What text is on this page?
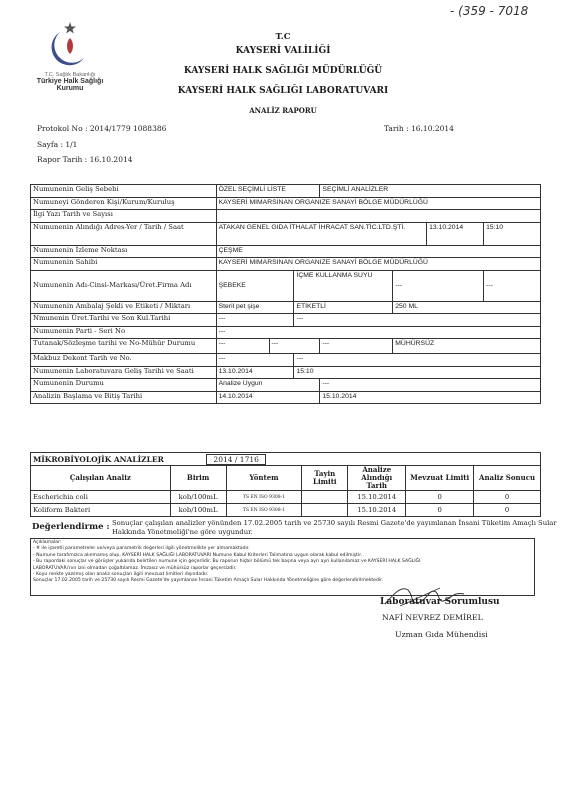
- (359 - 7018
T.C. Sağlık Bakanlığı
Türkiye Halk Sağlığı
Kurumu
T.C
KAYSERİ VALİLİĞİ
KAYSERİ HALK SAĞLIĞI MÜDÜRLÜĞÜ
KAYSERİ HALK SAĞLIĞI LABORATUVARI
ANALİZ RAPORU
Protokol No : 2014/1779 1088386	Tarih : 16.10.2014
Sayfa : 1/1
Rapor Tarih : 16.10.2014
Numunenin Geliş Sebebi	ÖZEL SEÇİMLİ LİSTE			SEÇİMLİ ANALİZLER			
Numuneyi Gönderen Kişi/Kurum/Kuruluş	KAYSERİ MIMARSINAN ORGANIZE SANAYİ BÖLGE MÜDÜRLÜĞÜ						
İlgi Yazı Tarih ve Sayısı							
Numunenin Alındığı Adres-Yer / Tarih / Saat	ATAKAN GENEL GIDA İTHALAT İHRACAT SAN.TİC.LTD.ŞTİ.					13.10.2014	15:10
Numunenin İzleme Noktası	ÇEŞME						
Numunenin Sahibi	KAYSERİ MIMARSINAN ORGANIZE SANAYİ BÖLGE MÜDÜRLÜĞÜ						
Numunenin Adı-Cinsi-Markası/Üret.Firma Adı	ŞEBEKE		İÇME KULLANMA SUYU		---		---
Numunenin Ambalaj Şekli ve Etiketi / Miktarı	Steril pet şişe		ETİKETLİ		250 ML		
Nmunenin Üret.Tarihi ve Son Kul.Tarihi	---		---				
Numunenin Parti - Seri No	---						
Tutanak/Sözleşme tarihi ve No-Mühür Durumu	---	---		---	MÜHÜRSÜZ		
Makbuz Dekont Tarih ve No.	---		---				
Numunenin Laboratuvara Geliş Tarihi ve Saati	13.10.2014		15:10				
Numunenin Durumu	Analize Uygun			---			
Analizin Başlama ve Bitiş Tarihi	14.10.2014			15.10.2014			
MİKROBİYOLOJİK ANALİZLER 2014 / 1716						
Çalışılan Analiz	Birim	Yöntem	Tayin Limiti	Analize Alındığı Tarih	Mevzuat Limiti	Analiz Sonucu
Escherichia coli	kob/100mL	TS EN ISO 9308-1		15.10.2014	0	0
Koliform Bakteri	kob/100mL	TS EN ISO 9308-1		15.10.2014	0	0
Değerlendirme : Sonuçlar çalışılan analizler yönünden 17.02.2005 tarih ve 25730 sayılı Resmi Gazete'de yayımlanan İnsani Tüketim Amaçlı Sular
Hakkında Yönetmeliği'ne göre uygundur.
Açıklamalar:
- # ile işaretli parametreler ve/veya parametrik değerleri ilgili yönetmelikte yer almamaktadır.
- Numune tarafımızca alınmamış olup, KAYSERİ HALK SAĞLIĞI LABORATUVARI Numune Kabul Kriterleri Talimatına uygun olarak kabul edilmiştir.
- Bu rapordaki sonuçlar ve görüşler yukarıda belirtilen numune için geçerlidir. Bu raporun hiçbir bölümü tek başına veya ayrı ayrı kullanılamaz ve KAYSERİ HALK SAĞLIĞI
LABORATUVARı'nın izni olmadan çoğaltılamaz. İmzasız ve mühürsüz raporlar geçersizdir.
- Koyu renkte yazılmış olan analiz sonuçları ilgili mevzuat limitleri dışındadır.
Sonuçlar 17.02.2005 tarih ve 25730 sayılı Resmi Gazete'de yayımlanan İnsani Tüketim Amaçlı Sular Hakkında Yönetmeliğine göre değerlendirilmektedir.
Laboratuvar Sorumlusu
NAFİ NEVREZ DEMİREL
Uzman Gıda Mühendisi
